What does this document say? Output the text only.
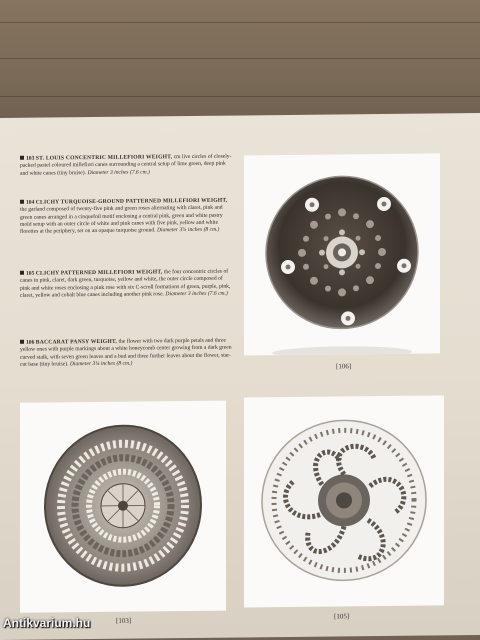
103 ST. LOUIS CONCENTRIC MILLEFIORI WEIGHT, cm live circles of closely-packed pastel coloured millefiori canes surrounding a central setup of lime green, deep pink and white canes (tiny bruise). Diameter 3 inches (7.6 cm.)
104 CLICHY TURQUOISE-GROUND PATTERNED MILLEFIORI WEIGHT, the garland composed of twenty-five pink and green roses alternating with claret, pink and green canes arranged in a cinquefoil motif enclosing a central pink, green and white pastry mold setup with an outer circle of white and pink canes with five pink, yellow and white florettes at the periphery, set on an opaque turquoise ground. Diameter 3⅞ inches (8 cm.)
105 CLICHY PATTERNED MILLEFIORI WEIGHT, the four concentric circles of canes in pink, claret, dark green, turquoise, yellow and white, the outer circle composed of pink and white roses enclosing a pink rose with six C-scroll formations of green, purple, pink, claret, yellow and cobalt blue canes including another pink rose. Diameter 3 inches (7.6 cm.)
106 BACCARAT PANSY WEIGHT, the flower with two dark purple petals and three yellow ones with purple markings about a white honeycomb center growing from a dark green curved stalk, with seven green leaves and a bud and three further leaves about the flower, star-cut base (tiny bruise). Diameter 3¼ inches (8 cm.)	[106]
[103]
[105]
Antikvarium.hu
